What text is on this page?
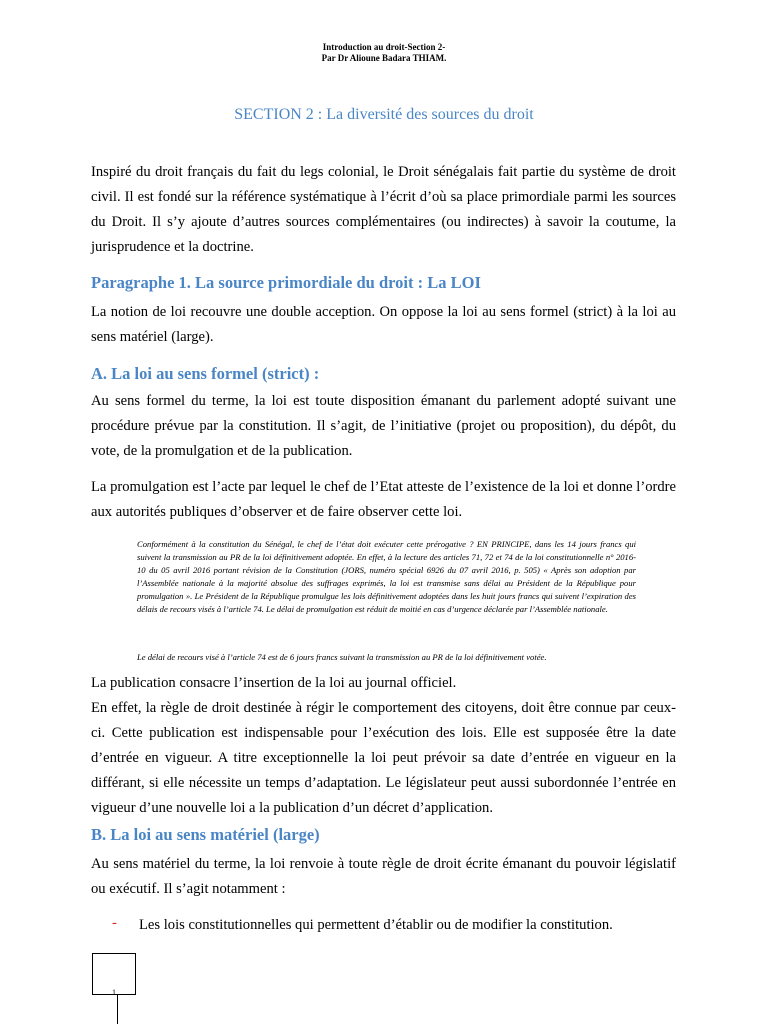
Introduction au droit-Section 2-
Par Dr Alioune Badara THIAM.
SECTION 2 : La diversité des sources du droit

Inspiré du droit français du fait du legs colonial, le Droit sénégalais fait partie du système de droit civil. Il est fondé sur la référence systématique à l’écrit d’où sa place primordiale parmi les sources du Droit. Il s’y ajoute d’autres sources complémentaires (ou indirectes) à savoir la coutume, la jurisprudence et la doctrine.

Paragraphe 1. La source primordiale du droit : La LOI

La notion de loi recouvre une double acception. On oppose la loi au sens formel (strict) à la loi au sens matériel (large).

A. La loi au sens formel (strict) :

Au sens formel du terme, la loi est toute disposition émanant du parlement adopté suivant une procédure prévue par la constitution. Il s’agit, de l’initiative (projet ou proposition), du dépôt, du vote, de la promulgation et de la publication.

La promulgation est l’acte par lequel le chef de l’Etat atteste de l’existence de la loi et donne l’ordre aux autorités publiques d’observer et de faire observer cette loi.

Conformément à la constitution du Sénégal, le chef de l’état doit exécuter cette prérogative ? EN PRINCIPE, dans les 14 jours francs qui suivent la transmission au PR de la loi définitivement adoptée. En effet, à la lecture des articles 71, 72 et 74 de la loi constitutionnelle n° 2016-10 du 05 avril 2016 portant révision de la Constitution (JORS, numéro spécial 6926 du 07 avril 2016, p. 505) « Après son adoption par l’Assemblée nationale à la majorité absolue des suffrages exprimés, la loi est transmise sans délai au Président de la République pour promulgation ». Le Président de la République promulgue les lois définitivement adoptées dans les huit jours francs qui suivent l’expiration des délais de recours visés à l’article 74. Le délai de promulgation est réduit de moitié en cas d’urgence déclarée par l’Assemblée nationale.

Le délai de recours visé à l’article 74 est de 6 jours francs suivant la transmission au PR de la loi définitivement votée.

La publication consacre l’insertion de la loi au journal officiel.

En effet, la règle de droit destinée à régir le comportement des citoyens, doit être connue par ceux-ci. Cette publication est indispensable pour l’exécution des lois. Elle est supposée être la date d’entrée en vigueur. A titre exceptionnelle la loi peut prévoir sa date d’entrée en vigueur en la différant, si elle nécessite un temps d’adaptation. Le législateur peut aussi subordonnée l’entrée en vigueur d’une nouvelle loi a la publication d’un décret d’application.

B. La loi au sens matériel (large)

Au sens matériel du terme, la loi renvoie à toute règle de droit écrite émanant du pouvoir législatif ou exécutif. Il s’agit notamment :

- Les lois constitutionnelles qui permettent d’établir ou de modifier la constitution.
1
